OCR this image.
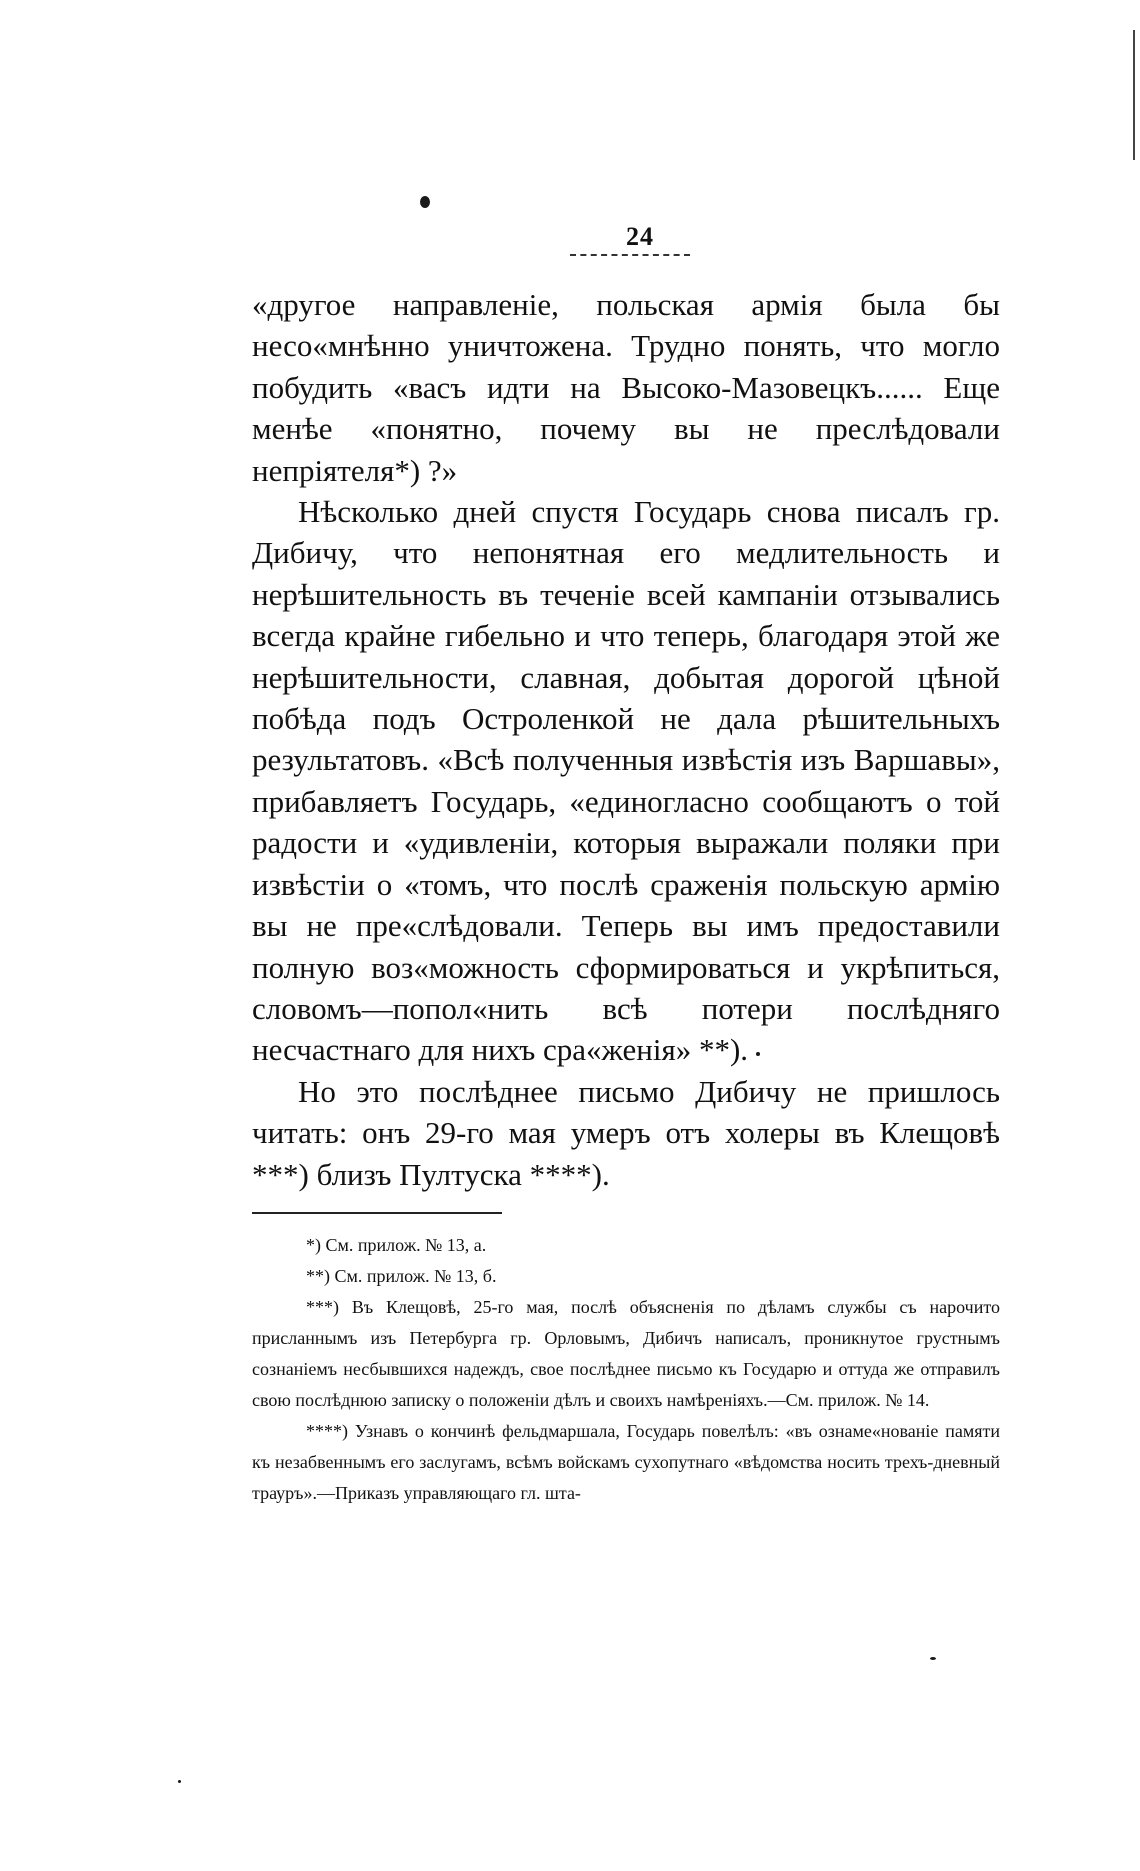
24

«другое направленіе, польская армія была бы несо«мнѣнно уничтожена. Трудно понять, что могло побудить «васъ идти на Высоко-Мазовецкъ...... Еще менѣе «понятно, почему вы не преслѣдовали непріятеля*) ?»

Нѣсколько дней спустя Государь снова писалъ гр. Дибичу, что непонятная его медлительность и нерѣшительность въ теченіе всей кампаніи отзывались всегда крайне гибельно и что теперь, благодаря этой же нерѣшительности, славная, добытая дорогой цѣной побѣда подъ Остроленкой не дала рѣшительныхъ результатовъ. «Всѣ полученныя извѣстія изъ Варшавы», прибавляетъ Государь, «единогласно сообщаютъ о той радости и «удивленіи, которыя выражали поляки при извѣстіи о «томъ, что послѣ сраженія польскую армію вы не пре«слѣдовали. Теперь вы имъ предоставили полную воз«можность сформироваться и укрѣпиться, словомъ—попол«нить всѣ потери послѣдняго несчастнаго для нихъ сра«женія» **).

Но это послѣднее письмо Дибичу не пришлось читать: онъ 29-го мая умеръ отъ холеры въ Клещовѣ ***) близъ Пултуска ****).

*) См. прилож. № 13, а.

**) См. прилож. № 13, б.

***) Въ Клещовѣ, 25-го мая, послѣ объясненія по дѣламъ службы съ нарочито присланнымъ изъ Петербурга гр. Орловымъ, Дибичъ написалъ, проникнутое грустнымъ сознаніемъ несбывшихся надеждъ, свое послѣднее письмо къ Государю и оттуда же отправилъ свою послѣднюю записку о положеніи дѣлъ и своихъ намѣреніяхъ.—См. прилож. № 14.

****) Узнавъ о кончинѣ фельдмаршала, Государь повелѣлъ: «въ ознаме«нованіе памяти къ незабвеннымъ его заслугамъ, всѣмъ войскамъ сухопутнаго «вѣдомства носить трехъ-дневный трауръ».—Приказъ управляющаго гл. шта-
